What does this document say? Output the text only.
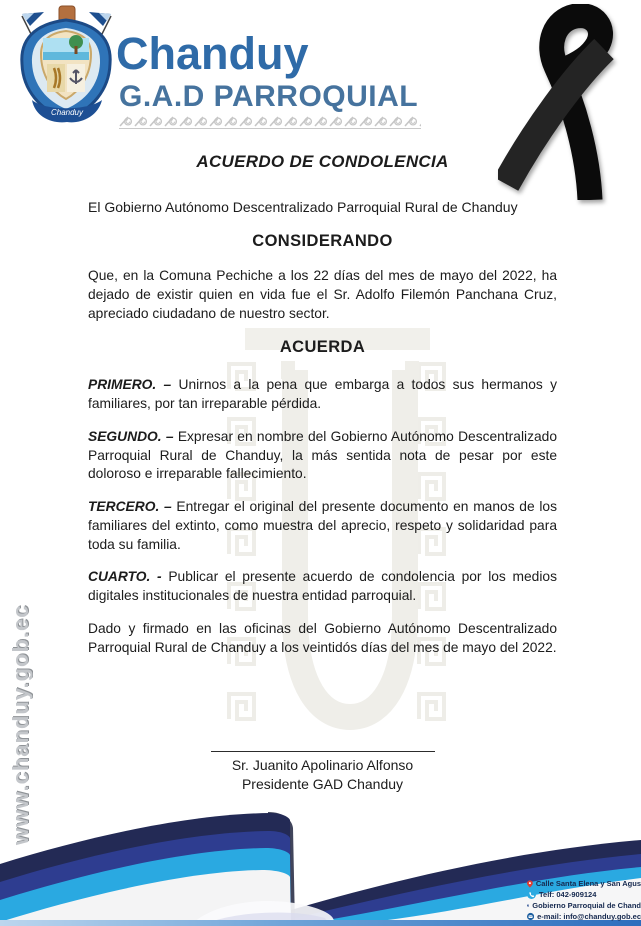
Chanduy
Chanduy
G.A.D PARROQUIAL
ACUERDO DE CONDOLENCIA

El Gobierno Autónomo Descentralizado Parroquial Rural de Chanduy

CONSIDERANDO

Que, en la Comuna Pechiche a los 22 días del mes de mayo del 2022, ha dejado de existir quien en vida fue el Sr. Adolfo Filemón Panchana Cruz, apreciado ciudadano de nuestro sector.

ACUERDA

PRIMERO. – Unirnos a la pena que embarga a todos sus hermanos y familiares, por tan irreparable pérdida.

SEGUNDO. – Expresar en nombre del Gobierno Autónomo Descentralizado Parroquial Rural de Chanduy, la más sentida nota de pesar por este doloroso e irreparable fallecimiento.

TERCERO. – Entregar el original del presente documento en manos de los familiares del extinto, como muestra del aprecio, respeto y solidaridad para toda su familia.

CUARTO. - Publicar el presente acuerdo de condolencia por los medios digitales institucionales de nuestra entidad parroquial.

Dado y firmado en las oficinas del Gobierno Autónomo Descentralizado Parroquial Rural de Chanduy a los veintidós días del mes de mayo del 2022.

Sr. Juanito Apolinario Alfonso
Presidente GAD Chanduy
www.chanduy.gob.ec
Calle Santa Elena y San Agus
Telf: 042-909124
f Gobierno Parroquial de Chand
e-mail: info@chanduy.gob.ec
